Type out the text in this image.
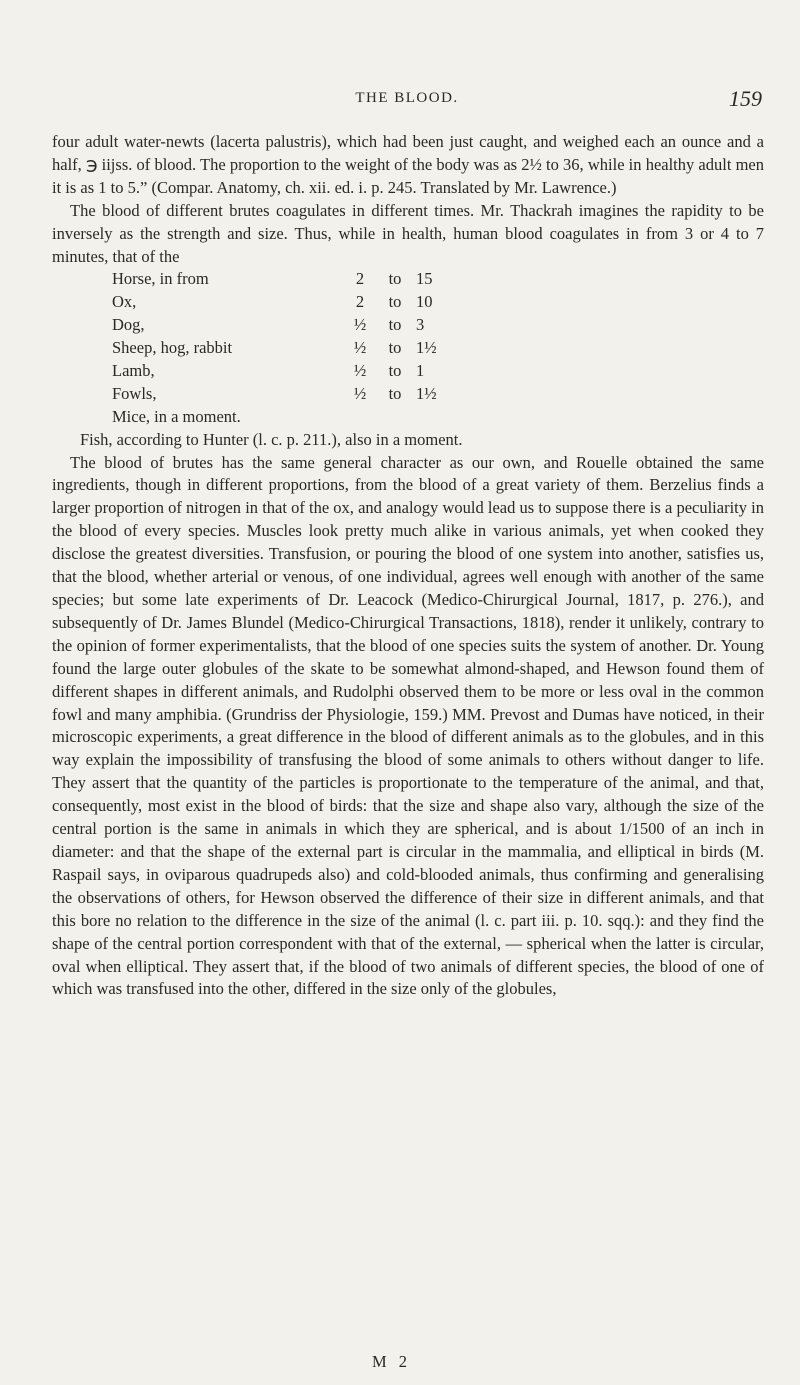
THE BLOOD.	159

four adult water-newts (lacerta palustris), which had been just caught, and weighed each an ounce and a half, ℈ iijss. of blood. The proportion to the weight of the body was as 2½ to 36, while in healthy adult men it is as 1 to 5.” (Compar. Anatomy, ch. xii. ed. i. p. 245. Translated by Mr. Lawrence.)

The blood of different brutes coagulates in different times. Mr. Thackrah imagines the rapidity to be inversely as the strength and size. Thus, while in health, human blood coagulates in from 3 or 4 to 7 minutes, that of the

Horse, in from	2	to 15
Ox,	2	to 10
Dog,	½	to 3
Sheep, hog, rabbit	½	to 1½
Lamb,	½	to 1
Fowls,	½	to 1½
Mice, in a moment.

Fish, according to Hunter (l. c. p. 211.), also in a moment.

The blood of brutes has the same general character as our own, and Rouelle obtained the same ingredients, though in different proportions, from the blood of a great variety of them. Berzelius finds a larger proportion of nitrogen in that of the ox, and analogy would lead us to suppose there is a peculiarity in the blood of every species. Muscles look pretty much alike in various animals, yet when cooked they disclose the greatest diversities. Transfusion, or pouring the blood of one system into another, satisfies us, that the blood, whether arterial or venous, of one individual, agrees well enough with another of the same species; but some late experiments of Dr. Leacock (Medico-Chirurgical Journal, 1817, p. 276.), and subsequently of Dr. James Blundel (Medico-Chirurgical Transactions, 1818), render it unlikely, contrary to the opinion of former experimentalists, that the blood of one species suits the system of another. Dr. Young found the large outer globules of the skate to be somewhat almond-shaped, and Hewson found them of different shapes in different animals, and Rudolphi observed them to be more or less oval in the common fowl and many amphibia. (Grundriss der Physiologie, 159.) MM. Prevost and Dumas have noticed, in their microscopic experiments, a great difference in the blood of different animals as to the globules, and in this way explain the impossibility of transfusing the blood of some animals to others without danger to life. They assert that the quantity of the particles is proportionate to the temperature of the animal, and that, consequently, most exist in the blood of birds: that the size and shape also vary, although the size of the central portion is the same in animals in which they are spherical, and is about 1/1500 of an inch in diameter: and that the shape of the external part is circular in the mammalia, and elliptical in birds (M. Raspail says, in oviparous quadrupeds also) and cold-blooded animals, thus confirming and generalising the observations of others, for Hewson observed the difference of their size in different animals, and that this bore no relation to the difference in the size of the animal (l. c. part iii. p. 10. sqq.): and they find the shape of the central portion correspondent with that of the external, — spherical when the latter is circular, oval when elliptical. They assert that, if the blood of two animals of different species, the blood of one of which was transfused into the other, differed in the size only of the globules,

M 2
